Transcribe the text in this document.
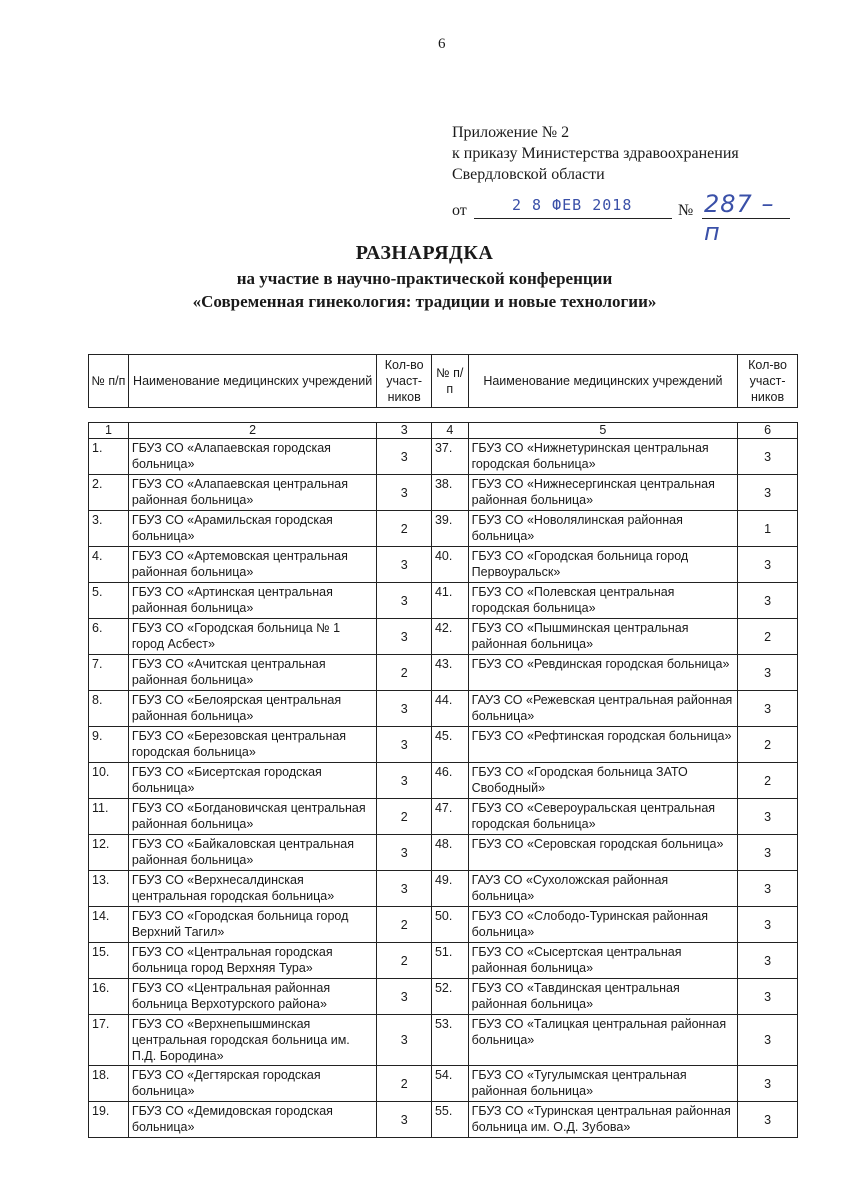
6
Приложение № 2
к приказу Министерства здравоохранения
Свердловской области
от	2 8 ФЕВ 2018	№ 287 – п
РАЗНАРЯДКА
на участие в научно-практической конференции
«Современная гинекология: традиции и новые технологии»
№ п/п	Наименование медицинских учреждений	Кол-во участ-ников	№ п/п	Наименование медицинских учреждений	Кол-во участ-ников
1	2	3	4	5	6
1.	ГБУЗ СО «Алапаевская городская больница»	3	37.	ГБУЗ СО «Нижнетуринская центральная городская больница»	3
2.	ГБУЗ СО «Алапаевская центральная районная больница»	3	38.	ГБУЗ СО «Нижнесергинская центральная районная больница»	3
3.	ГБУЗ СО «Арамильская городская больница»	2	39.	ГБУЗ СО «Новолялинская районная больница»	1
4.	ГБУЗ СО «Артемовская центральная районная больница»	3	40.	ГБУЗ СО «Городская больница город Первоуральск»	3
5.	ГБУЗ СО «Артинская центральная районная больница»	3	41.	ГБУЗ СО «Полевская центральная городская больница»	3
6.	ГБУЗ СО «Городская больница № 1 город Асбест»	3	42.	ГБУЗ СО «Пышминская центральная районная больница»	2
7.	ГБУЗ СО «Ачитская центральная районная больница»	2	43.	ГБУЗ СО «Ревдинская городская больница»	3
8.	ГБУЗ СО «Белоярская центральная районная больница»	3	44.	ГАУЗ СО «Режевская центральная районная больница»	3
9.	ГБУЗ СО «Березовская центральная городская больница»	3	45.	ГБУЗ СО «Рефтинская городская больница»	2
10.	ГБУЗ СО «Бисертская городская больница»	3	46.	ГБУЗ СО «Городская больница ЗАТО Свободный»	2
11.	ГБУЗ СО «Богдановичская центральная районная больница»	2	47.	ГБУЗ СО «Североуральская центральная городская больница»	3
12.	ГБУЗ СО «Байкаловская центральная районная больница»	3	48.	ГБУЗ СО «Серовская городская больница»	3
13.	ГБУЗ СО «Верхнесалдинская центральная городская больница»	3	49.	ГАУЗ СО «Сухоложская районная больница»	3
14.	ГБУЗ СО «Городская больница город Верхний Тагил»	2	50.	ГБУЗ СО «Слободо-Туринская районная больница»	3
15.	ГБУЗ СО «Центральная городская больница город Верхняя Тура»	2	51.	ГБУЗ СО «Сысертская центральная районная больница»	3
16.	ГБУЗ СО «Центральная районная больница Верхотурского района»	3	52.	ГБУЗ СО «Тавдинская центральная районная больница»	3
17.	ГБУЗ СО «Верхнепышминская центральная городская больница им. П.Д. Бородина»	3	53.	ГБУЗ СО «Талицкая центральная районная больница»	3
18.	ГБУЗ СО «Дегтярская городская больница»	2	54.	ГБУЗ СО «Тугулымская центральная районная больница»	3
19.	ГБУЗ СО «Демидовская городская больница»	3	55.	ГБУЗ СО «Туринская центральная районная больница им. О.Д. Зубова»	3
